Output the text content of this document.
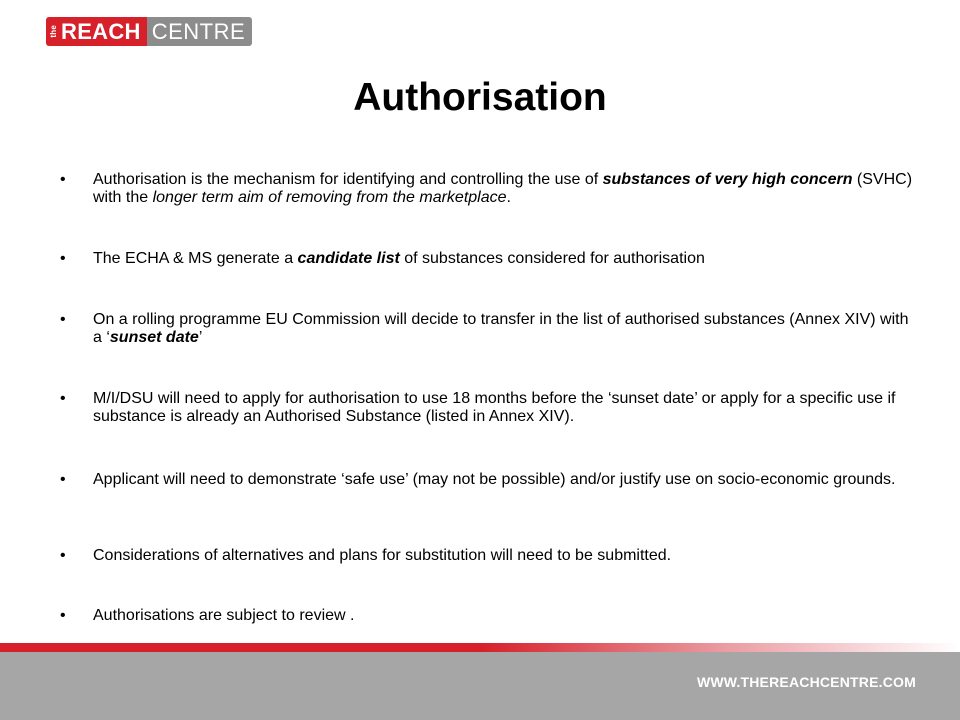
the REACH CENTRE
Authorisation
• Authorisation is the mechanism for identifying and controlling the use of substances of very high concern (SVHC) with the longer term aim of removing from the marketplace.
• The ECHA & MS generate a candidate list of substances considered for authorisation
• On a rolling programme EU Commission will decide to transfer in the list of authorised substances (Annex XIV) with a ‘sunset date’
• M/I/DSU will need to apply for authorisation to use 18 months before the ‘sunset date’ or apply for a specific use if substance is already an Authorised Substance (listed in Annex XIV).
• Applicant will need to demonstrate ‘safe use’ (may not be possible) and/or justify use on socio-economic grounds.
• Considerations of alternatives and plans for substitution will need to be submitted.
• Authorisations are subject to review .
WWW.THEREACHCENTRE.COM
